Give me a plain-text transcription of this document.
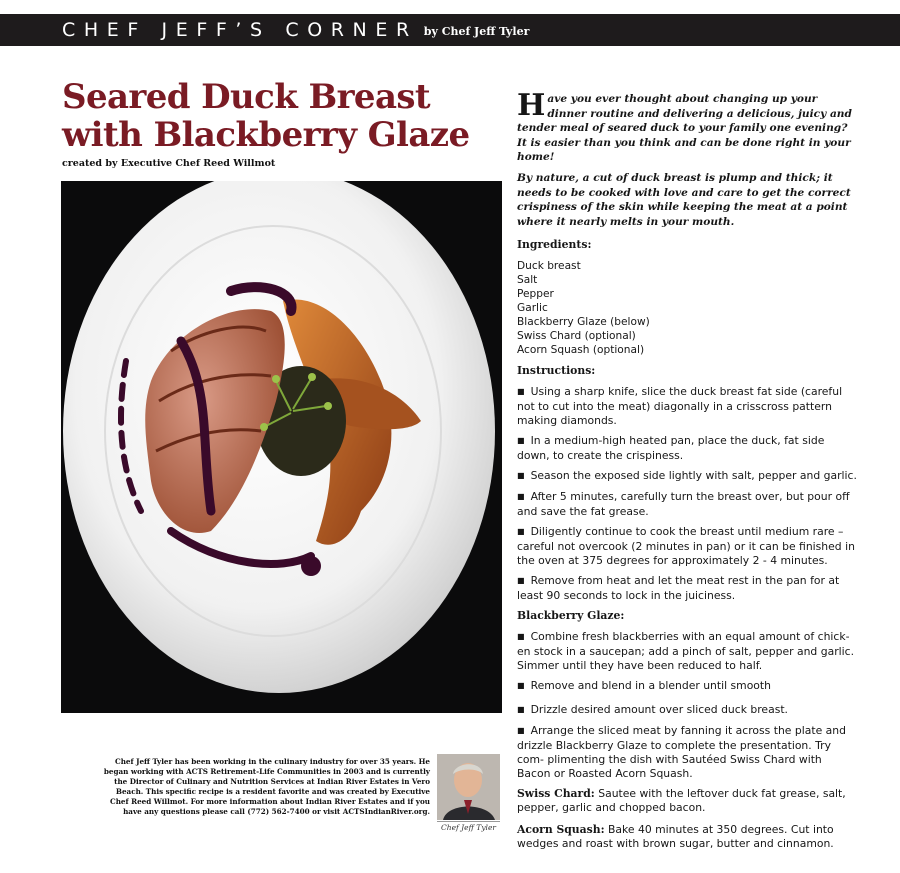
CHEF JEFF’S CORNER by Chef Jeff Tyler
Seared Duck Breast
with Blackberry Glaze
created by Executive Chef Reed Willmot
Chef Jeff Tyler has been working in the culinary industry for over 35 years. He began working with ACTS Retirement-Life Communities in 2003 and is currently the Director of Culinary and Nutrition Services at Indian River Estates in Vero Beach. This specific recipe is a resident favorite and was created by Executive Chef Reed Willmot. For more information about Indian River Estates and if you have any questions please call (772) 562-7400 or visit ACTSIndianRiver.org.
Chef Jeff Tyler

Have you ever thought about changing up your dinner routine and delivering a delicious, juicy and tender meal of seared duck to your family one evening? It is easier than you think and can be done right in your home!

By nature, a cut of duck breast is plump and thick; it needs to be cooked with love and care to get the correct crispiness of the skin while keeping the meat at a point where it nearly melts in your mouth.

Ingredients:
Duck breast
Salt
Pepper
Garlic
Blackberry Glaze (below)
Swiss Chard (optional)
Acorn Squash (optional)
Instructions:
■ Using a sharp knife, slice the duck breast fat side (careful not to cut into the meat) diagonally in a crisscross pattern making diamonds.
■ In a medium-high heated pan, place the duck, fat side down, to create the crispiness.
■ Season the exposed side lightly with salt, pepper and garlic.
■ After 5 minutes, carefully turn the breast over, but pour off and save the fat grease.
■ Diligently continue to cook the breast until medium rare – careful not overcook (2 minutes in pan) or it can be finished in the oven at 375 degrees for approximately 2 - 4 minutes.
■ Remove from heat and let the meat rest in the pan for at least 90 seconds to lock in the juiciness.
Blackberry Glaze:
■ Combine fresh blackberries with an equal amount of chick- en stock in a saucepan; add a pinch of salt, pepper and garlic. Simmer until they have been reduced to half.
■ Remove and blend in a blender until smooth
■ Drizzle desired amount over sliced duck breast.
■ Arrange the sliced meat by fanning it across the plate and drizzle Blackberry Glaze to complete the presentation. Try com- plimenting the dish with Sautéed Swiss Chard with Bacon or Roasted Acorn Squash.

Swiss Chard: Sautee with the leftover duck fat grease, salt, pepper, garlic and chopped bacon.

Acorn Squash: Bake 40 minutes at 350 degrees. Cut into wedges and roast with brown sugar, butter and cinnamon.
